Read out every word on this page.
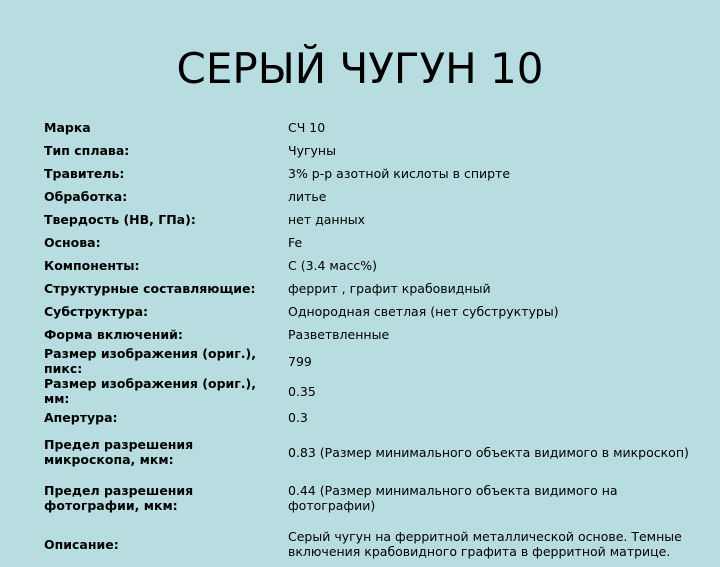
СЕРЫЙ ЧУГУН 10
Марка	СЧ 10
Тип сплава:	Чугуны
Травитель:	3% р-р азотной кислоты в спирте
Обработка:	литье
Твердость (HB, ГПа):	нет данных
Основа:	Fe
Компоненты:	C (3.4 масс%)
Структурные составляющие:	феррит , графит крабовидный
Субструктура:	Однородная светлая (нет субструктуры)
Форма включений:	Разветвленные
Размер изображения (ориг.), пикс:	799
Размер изображения (ориг.), мм:	0.35
Апертура:	0.3
Предел разрешения микроскопа, мкм:	0.83 (Размер минимального объекта видимого в микроскоп)
Предел разрешения фотографии, мкм:	0.44 (Размер минимального объекта видимого на фотографии)
Описание:	Серый чугун на ферритной металлической основе. Темные включения крабовидного графита в ферритной матрице.
